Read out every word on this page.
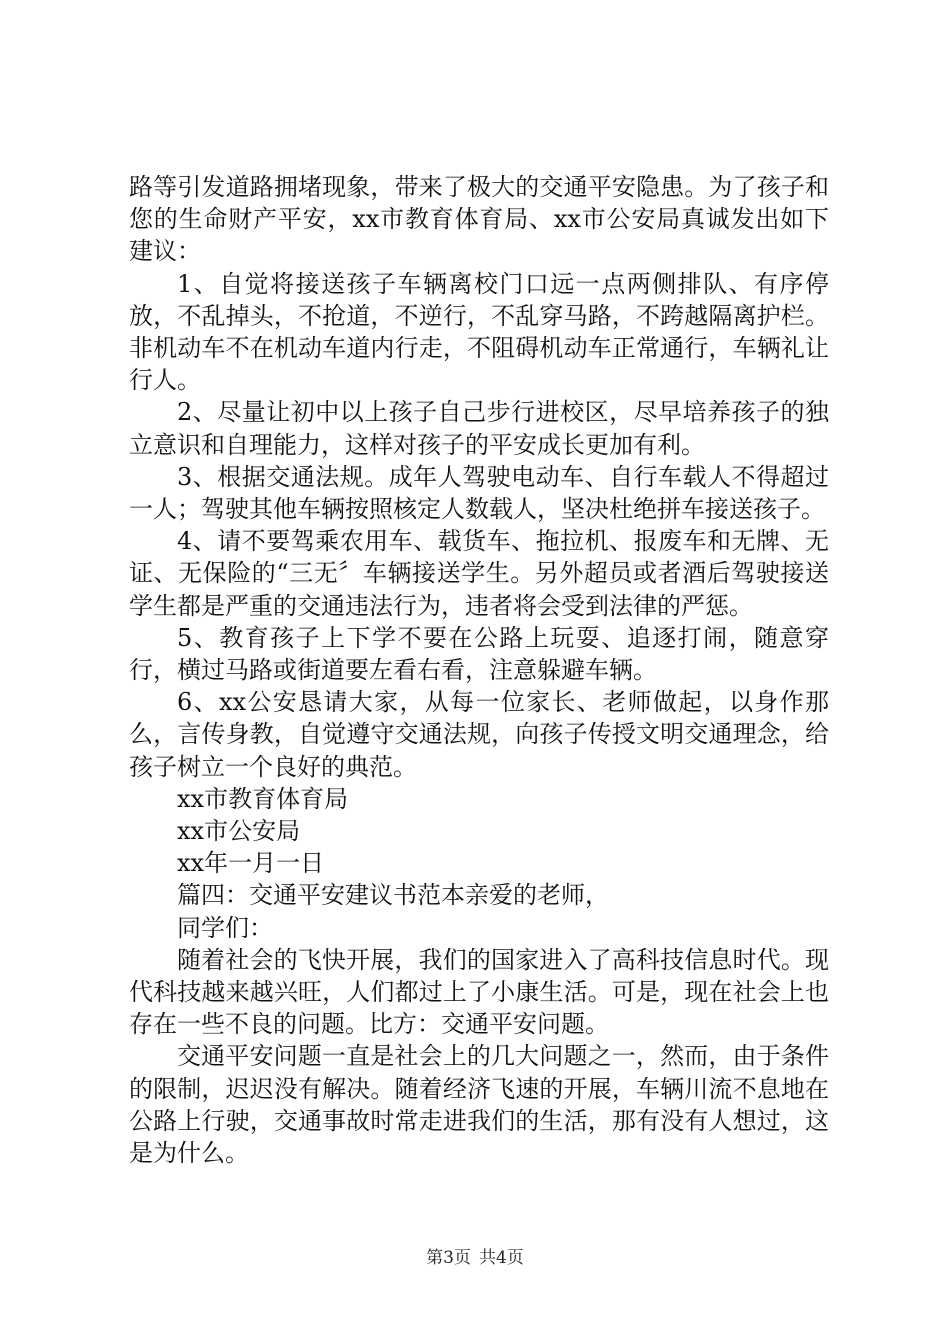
路等引发道路拥堵现象，带来了极大的交通平安隐患。为了孩子和您的生命财产平安，xx市教育体育局、xx市公安局真诚发出如下建议：

1、自觉将接送孩子车辆离校门口远一点两侧排队、有序停放，不乱掉头，不抢道，不逆行，不乱穿马路，不跨越隔离护栏。非机动车不在机动车道内行走，不阻碍机动车正常通行，车辆礼让行人。

2、尽量让初中以上孩子自己步行进校区，尽早培养孩子的独立意识和自理能力，这样对孩子的平安成长更加有利。

3、根据交通法规。成年人驾驶电动车、自行车载人不得超过一人；驾驶其他车辆按照核定人数载人，坚决杜绝拼车接送孩子。

4、请不要驾乘农用车、载货车、拖拉机、报废车和无牌、无证、无保险的“三无〞车辆接送学生。另外超员或者酒后驾驶接送学生都是严重的交通违法行为，违者将会受到法律的严惩。

5、教育孩子上下学不要在公路上玩耍、追逐打闹，随意穿行，横过马路或街道要左看右看，注意躲避车辆。

6、xx公安恳请大家，从每一位家长、老师做起，以身作那么，言传身教，自觉遵守交通法规，向孩子传授文明交通理念，给孩子树立一个良好的典范。

xx市教育体育局

xx市公安局

xx年一月一日

篇四：交通平安建议书范本亲爱的老师，

同学们：

随着社会的飞快开展，我们的国家进入了高科技信息时代。现代科技越来越兴旺，人们都过上了小康生活。可是，现在社会上也存在一些不良的问题。比方：交通平安问题。

交通平安问题一直是社会上的几大问题之一，然而，由于条件的限制，迟迟没有解决。随着经济飞速的开展，车辆川流不息地在公路上行驶，交通事故时常走进我们的生活，那有没有人想过，这是为什么。

第3页 共4页
